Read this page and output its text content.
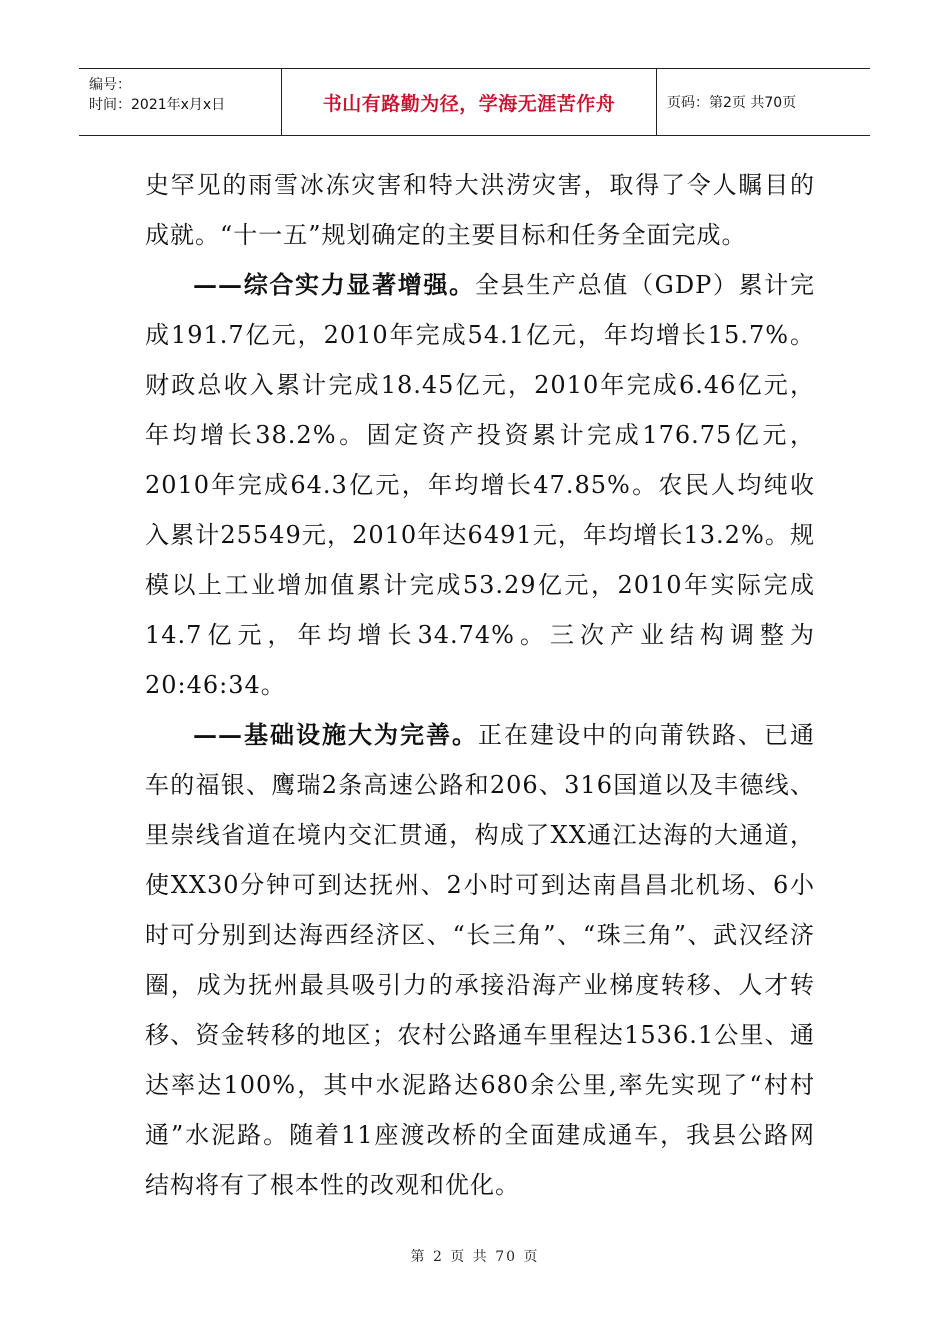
编号：
时间：2021年x月x日	书山有路勤为径，学海无涯苦作舟	页码：第2页 共70页

史罕见的雨雪冰冻灾害和特大洪涝灾害，取得了令人瞩目的成就。“十一五”规划确定的主要目标和任务全面完成。

——综合实力显著增强。全县生产总值（GDP）累计完成191.7亿元，2010年完成54.1亿元，年均增长15.7%。财政总收入累计完成18.45亿元，2010年完成6.46亿元，年均增长38.2%。固定资产投资累计完成176.75亿元，2010年完成64.3亿元，年均增长47.85%。农民人均纯收入累计25549元，2010年达6491元，年均增长13.2%。规模以上工业增加值累计完成53.29亿元，2010年实际完成14.7亿元，年均增长34.74%。三次产业结构调整为20:46:34。

——基础设施大为完善。正在建设中的向莆铁路、已通车的福银、鹰瑞2条高速公路和206、316国道以及丰德线、里崇线省道在境内交汇贯通，构成了XX通江达海的大通道，使XX30分钟可到达抚州、2小时可到达南昌昌北机场、6小时可分别到达海西经济区、“长三角”、“珠三角”、武汉经济圈，成为抚州最具吸引力的承接沿海产业梯度转移、人才转移、资金转移的地区；农村公路通车里程达1536.1公里、通达率达100%，其中水泥路达680余公里,率先实现了“村村通”水泥路。随着11座渡改桥的全面建成通车，我县公路网结构将有了根本性的改观和优化。

第 2 页 共 70 页
